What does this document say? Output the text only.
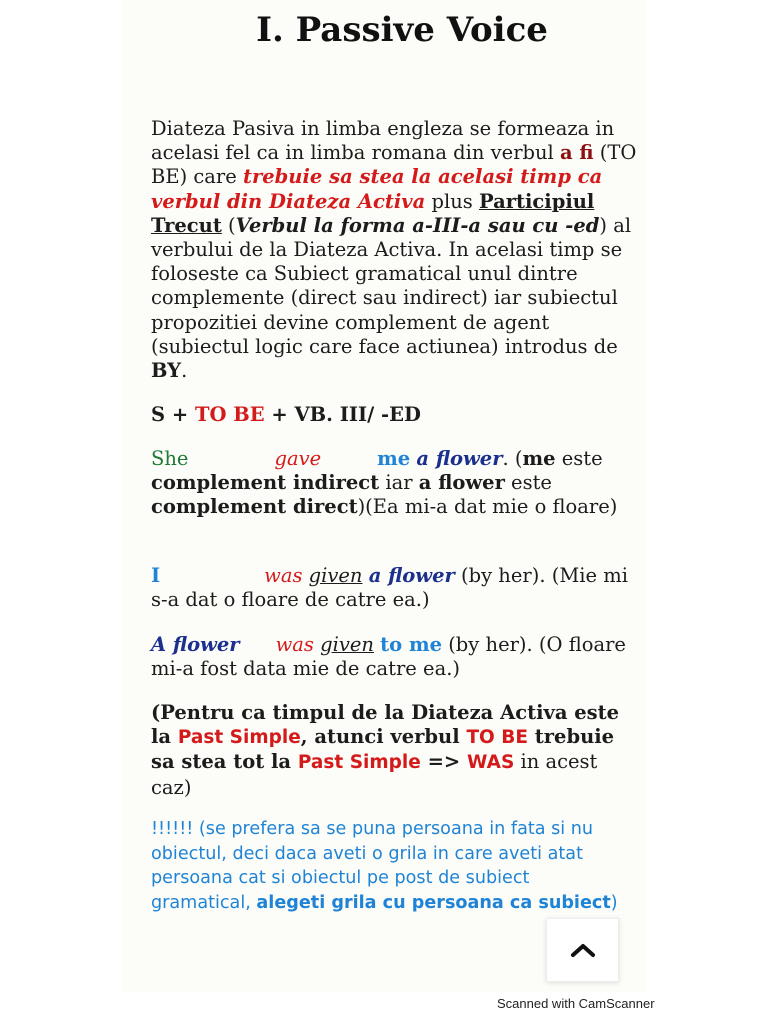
I. Passive Voice

Diateza Pasiva in limba engleza se formeaza in acelasi fel ca in limba romana din verbul a fi (TO BE) care trebuie sa stea la acelasi timp ca verbul din Diateza Activa plus Participiul Trecut (Verbul la forma a-III-a sau cu -ed) al verbului de la Diateza Activa. In acelasi timp se foloseste ca Subiect gramatical unul dintre complemente (direct sau indirect) iar subiectul propozitiei devine complement de agent (subiectul logic care face actiunea) introdus de BY.

S + TO BE + VB. III/ -ED

She	gave	me a flower. (me este complement indirect iar a flower este complement direct)(Ea mi-a dat mie o floare)

I	was given a flower (by her). (Mie mi s-a dat o floare de catre ea.)

A flower was given to me (by her). (O floare mi-a fost data mie de catre ea.)

(Pentru ca timpul de la Diateza Activa este la Past Simple, atunci verbul TO BE trebuie sa stea tot la Past Simple => WAS in acest caz)

!!!!!! (se prefera sa se puna persoana in fata si nu obiectul, deci daca aveti o grila in care aveti atat persoana cat si obiectul pe post de subiect gramatical, alegeti grila cu persoana ca subiect)

Scanned with CamScanner
